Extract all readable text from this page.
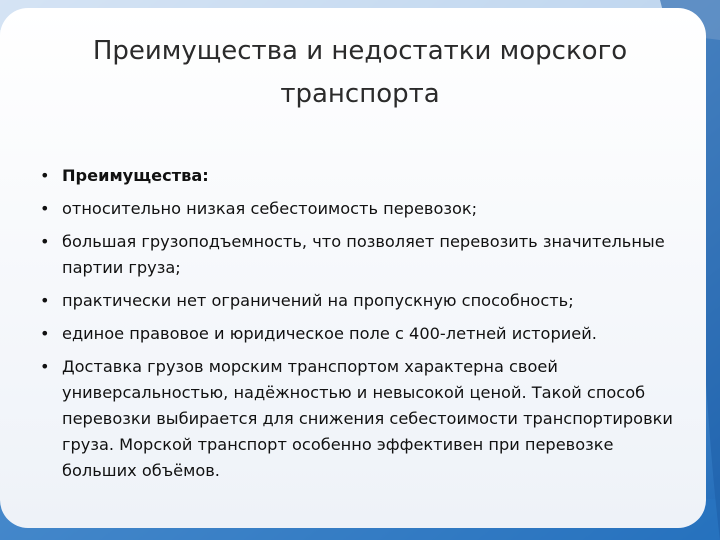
Преимущества и недостатки морского транспорта
• Преимущества:
• относительно низкая себестоимость перевозок;
• большая грузоподъемность, что позволяет перевозить значительные партии груза;
• практически нет ограничений на пропускную способность;
• единое правовое и юридическое поле с 400-летней историей.
• Доставка грузов морским транспортом характерна своей универсальностью, надёжностью и невысокой ценой. Такой способ перевозки выбирается для снижения себестоимости транспортировки груза. Морской транспорт особенно эффективен при перевозке больших объёмов.
